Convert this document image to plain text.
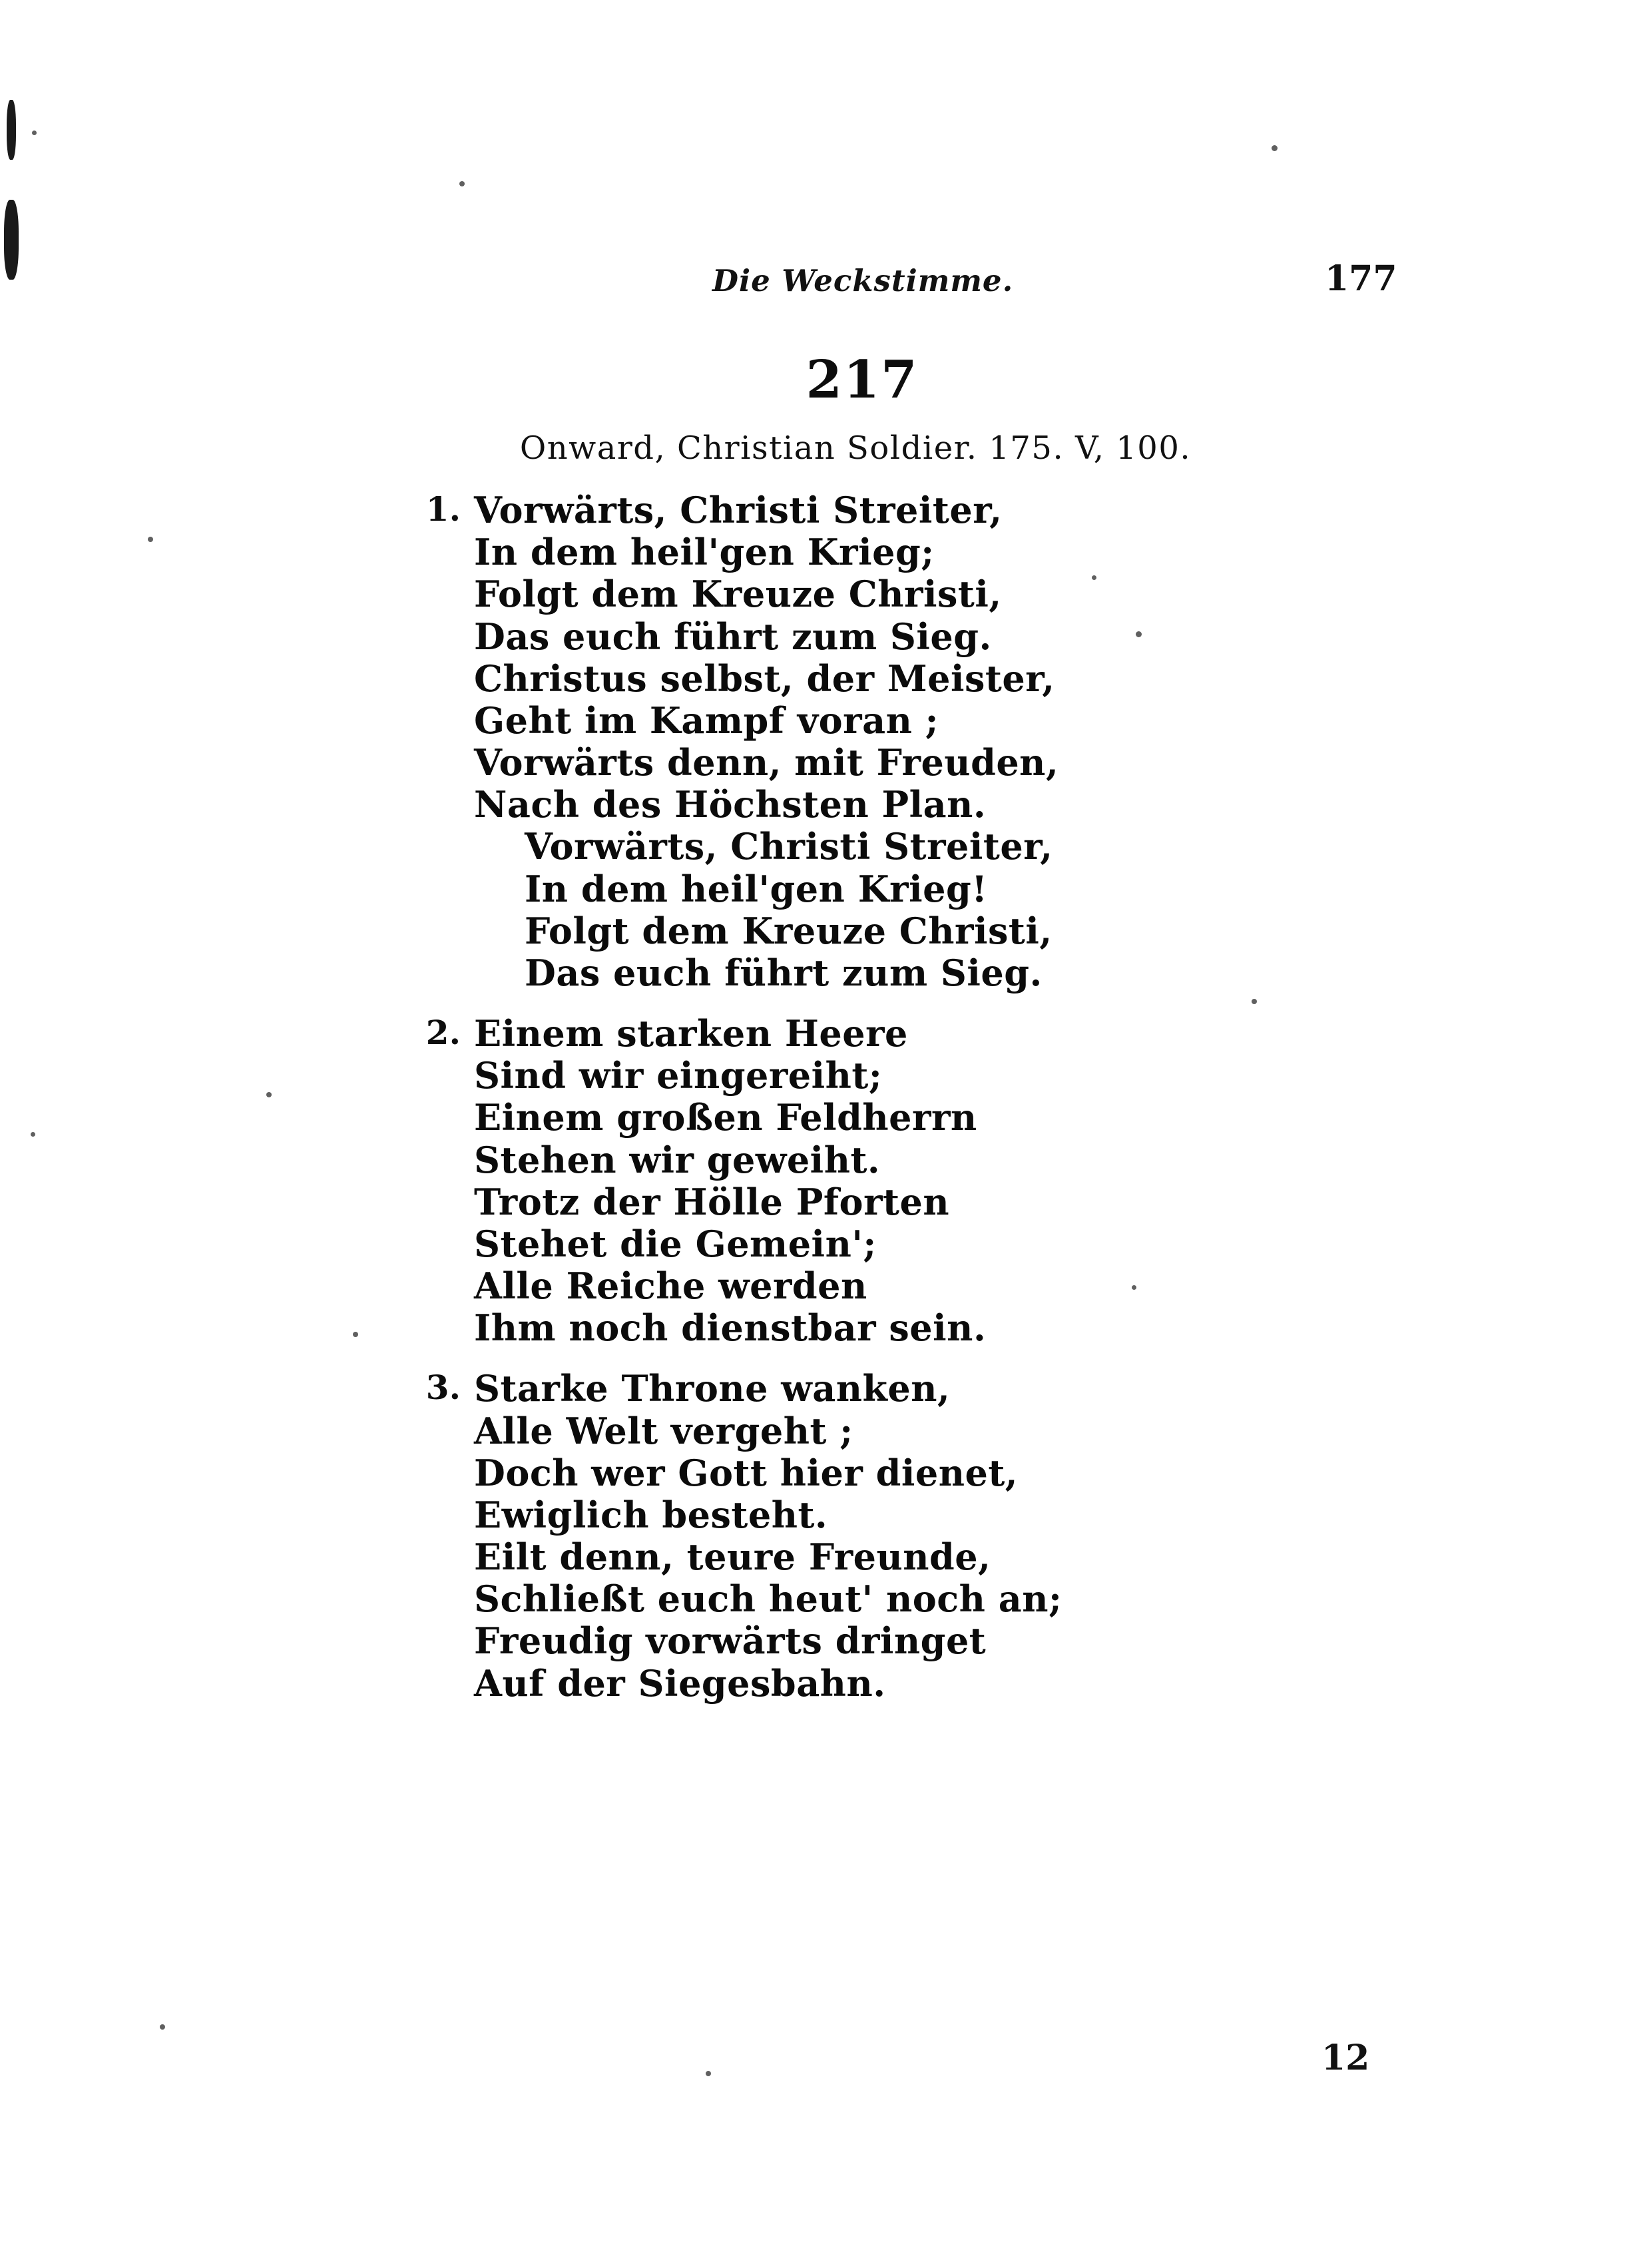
Die Weckstimme.	177
217
Onward, Christian Soldier. 175. V, 100.
1. Vorwärts, Christi Streiter,
In dem heil'gen Krieg;
Folgt dem Kreuze Christi,
Das euch führt zum Sieg.
Christus selbst, der Meister,
Geht im Kampf voran ;
Vorwärts denn, mit Freuden,
Nach des Höchsten Plan.
Vorwärts, Christi Streiter,
In dem heil'gen Krieg!
Folgt dem Kreuze Christi,
Das euch führt zum Sieg.
2. Einem starken Heere
Sind wir eingereiht;
Einem großen Feldherrn
Stehen wir geweiht.
Trotz der Hölle Pforten
Stehet die Gemein';
Alle Reiche werden
Ihm noch dienstbar sein.
3. Starke Throne wanken,
Alle Welt vergeht ;
Doch wer Gott hier dienet,
Ewiglich besteht.
Eilt denn, teure Freunde,
Schließt euch heut' noch an;
Freudig vorwärts dringet
Auf der Siegesbahn.
12
